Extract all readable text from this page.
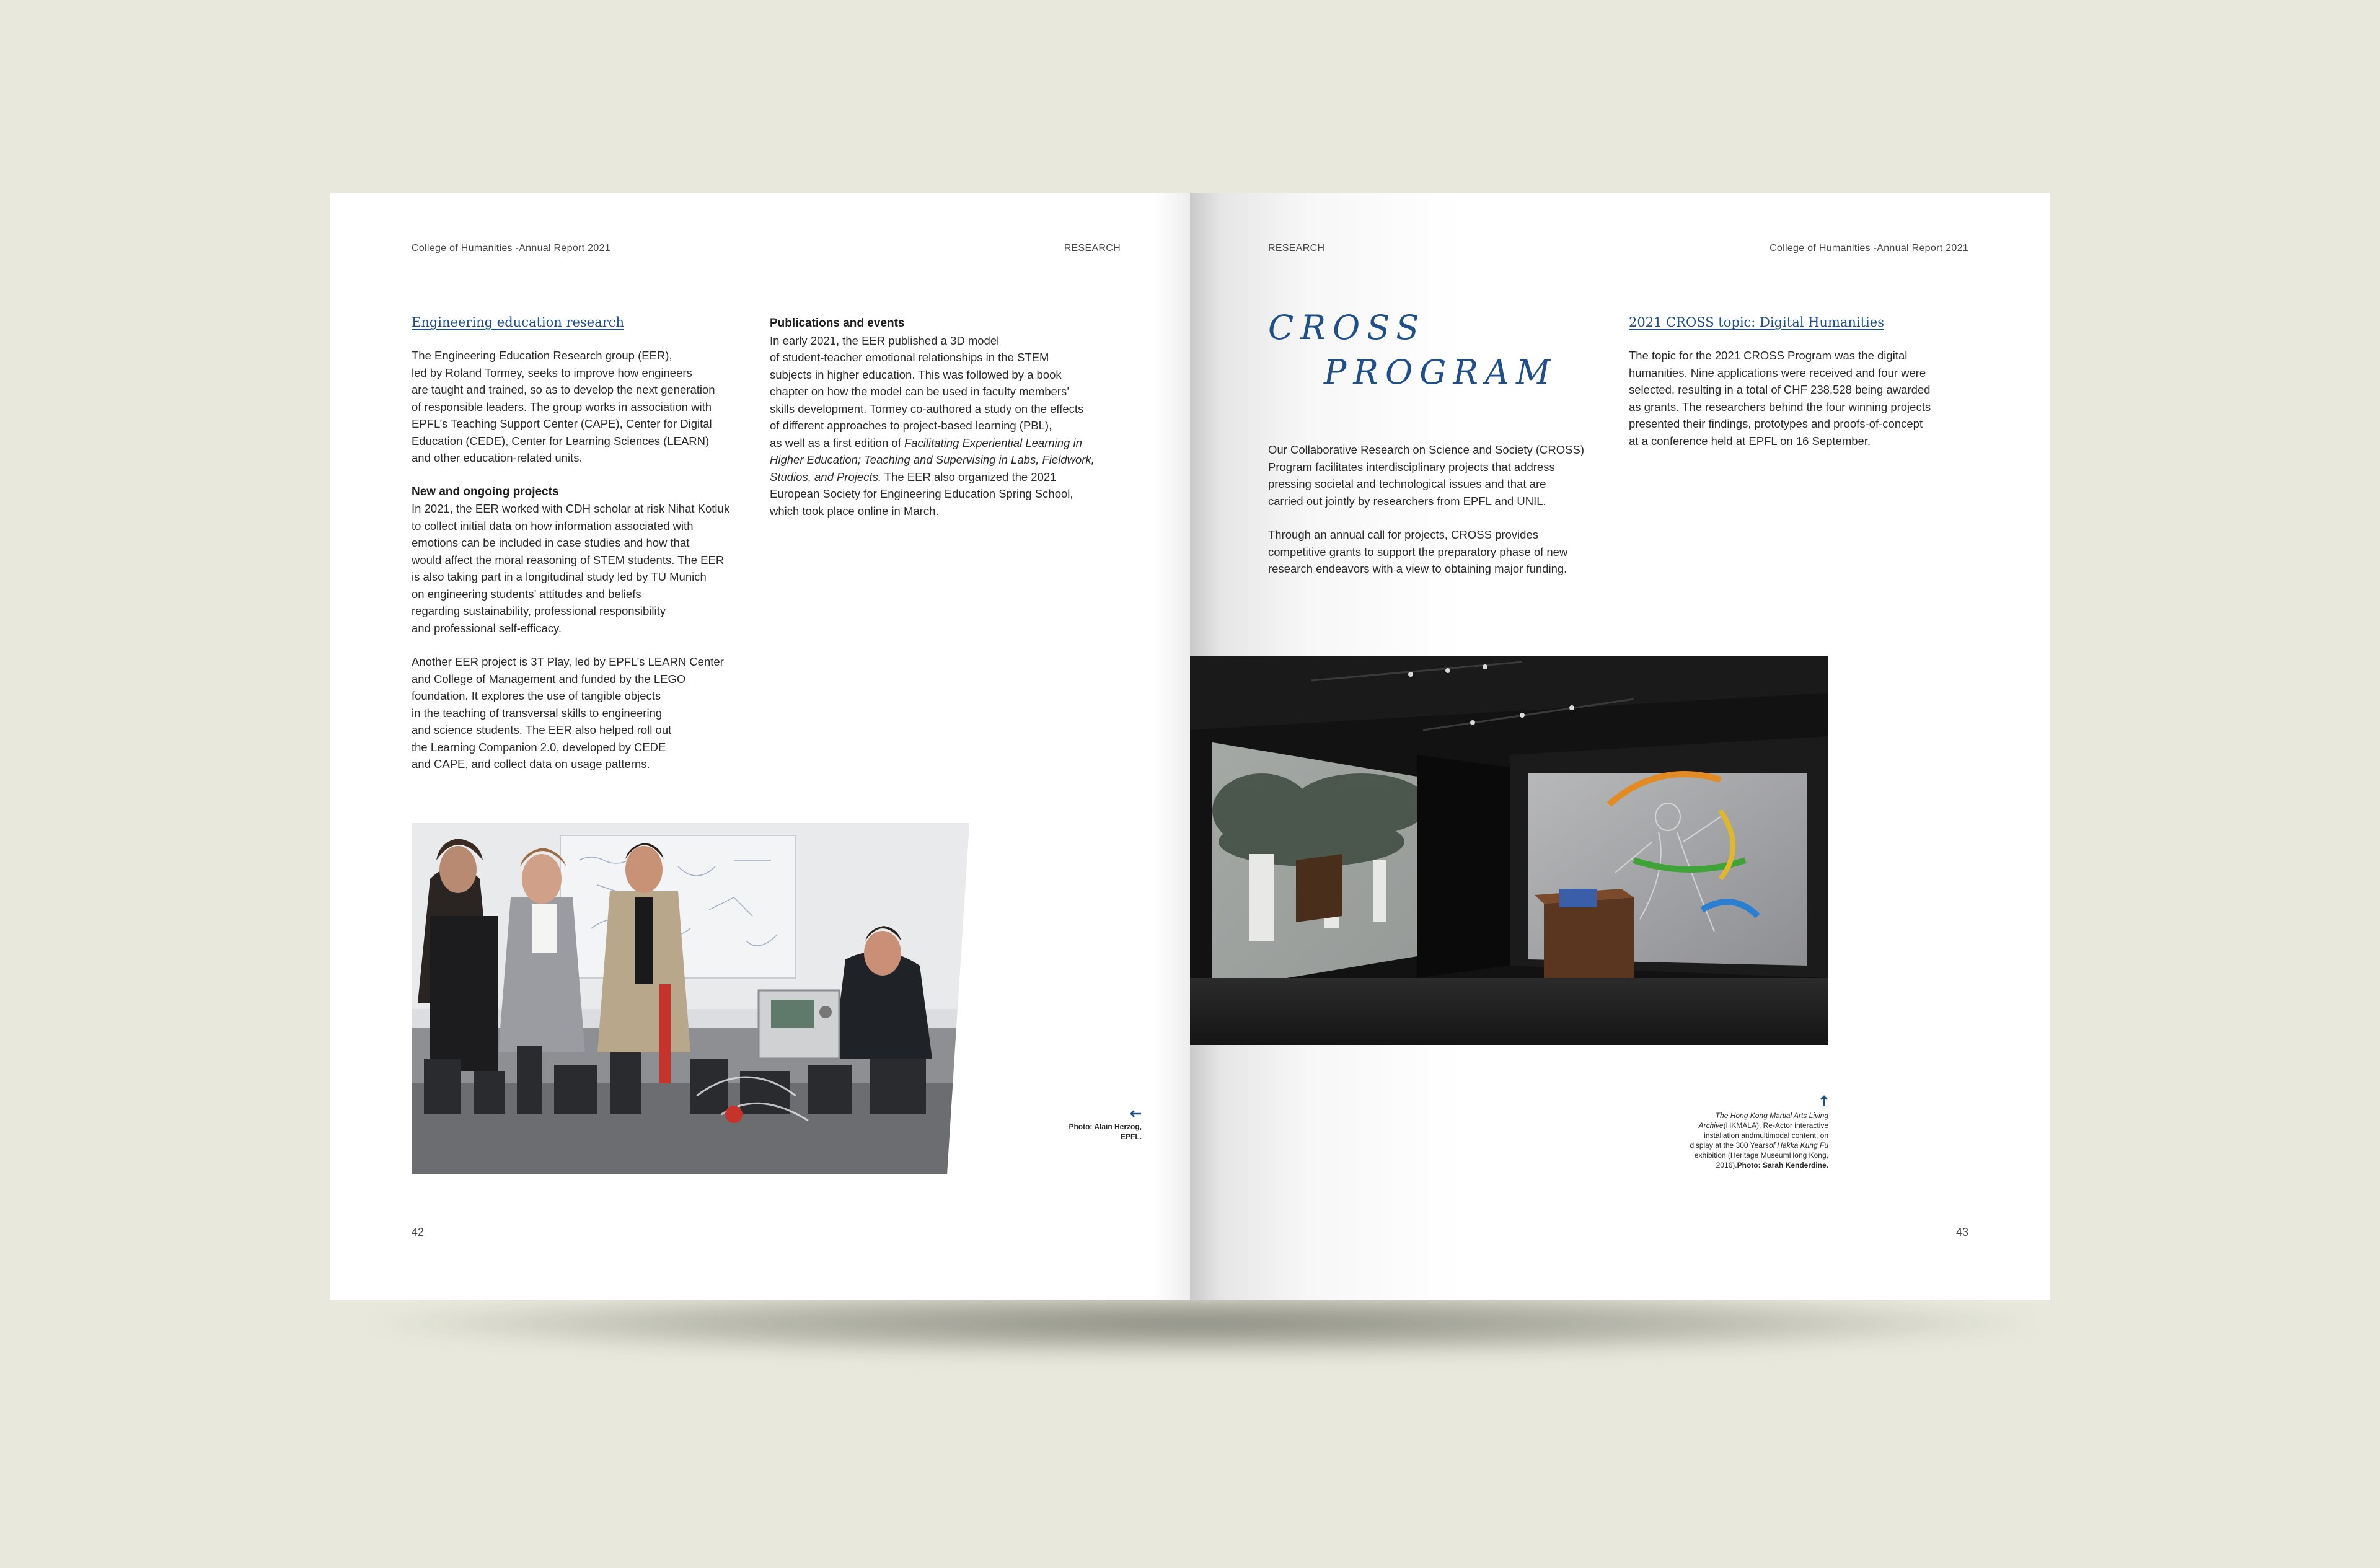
College of Humanities -Annual Report 2021	RESEARCH
Engineering education research

The Engineering Education Research group (EER),
led by Roland Tormey, seeks to improve how engineers
are taught and trained, so as to develop the next generation
of responsible leaders. The group works in association with
EPFL’s Teaching Support Center (CAPE), Center for Digital
Education (CEDE), Center for Learning Sciences (LEARN)
and other education-related units.

New and ongoing projects

In 2021, the EER worked with CDH scholar at risk Nihat Kotluk
to collect initial data on how information associated with
emotions can be included in case studies and how that
would affect the moral reasoning of STEM students. The EER
is also taking part in a longitudinal study led by TU Munich
on engineering students’ attitudes and beliefs
regarding sustainability, professional responsibility
and professional self-efficacy.

Another EER project is 3T Play, led by EPFL’s LEARN Center
and College of Management and funded by the LEGO
foundation. It explores the use of tangible objects
in the teaching of transversal skills to engineering
and science students. The EER also helped roll out
the Learning Companion 2.0, developed by CEDE
and CAPE, and collect data on usage patterns.

Publications and events

In early 2021, the EER published a 3D model
of student-teacher emotional relationships in the STEM
subjects in higher education. This was followed by a book
chapter on how the model can be used in faculty members’
skills development. Tormey co-authored a study on the effects
of different approaches to project-based learning (PBL),
as well as a first edition of Facilitating Experiential Learning in
Higher Education; Teaching and Supervising in Labs, Fieldwork,
Studios, and Projects. The EER also organized the 2021
European Society for Engineering Education Spring School,
which took place online in March.

Photo: Alain Herzog,
EPFL.
42
RESEARCH	College of Humanities -Annual Report 2021
CROSS
PROGRAM

Our Collaborative Research on Science and Society (CROSS)
Program facilitates interdisciplinary projects that address
pressing societal and technological issues and that are
carried out jointly by researchers from EPFL and UNIL.

Through an annual call for projects, CROSS provides
competitive grants to support the preparatory phase of new
research endeavors with a view to obtaining major funding.

2021 CROSS topic: Digital Humanities

The topic for the 2021 CROSS Program was the digital
humanities. Nine applications were received and four were
selected, resulting in a total of CHF 238,528 being awarded
as grants. The researchers behind the four winning projects
presented their findings, prototypes and proofs-of-concept
at a conference held at EPFL on 16 September.

The Hong Kong Martial Arts Living Archive(HKMALA), Re-Actor interactive installation andmultimodal content, on display at the 300 Yearsof Hakka Kung Fu exhibition (Heritage MuseumHong Kong, 2016).Photo: Sarah Kenderdine.
43
